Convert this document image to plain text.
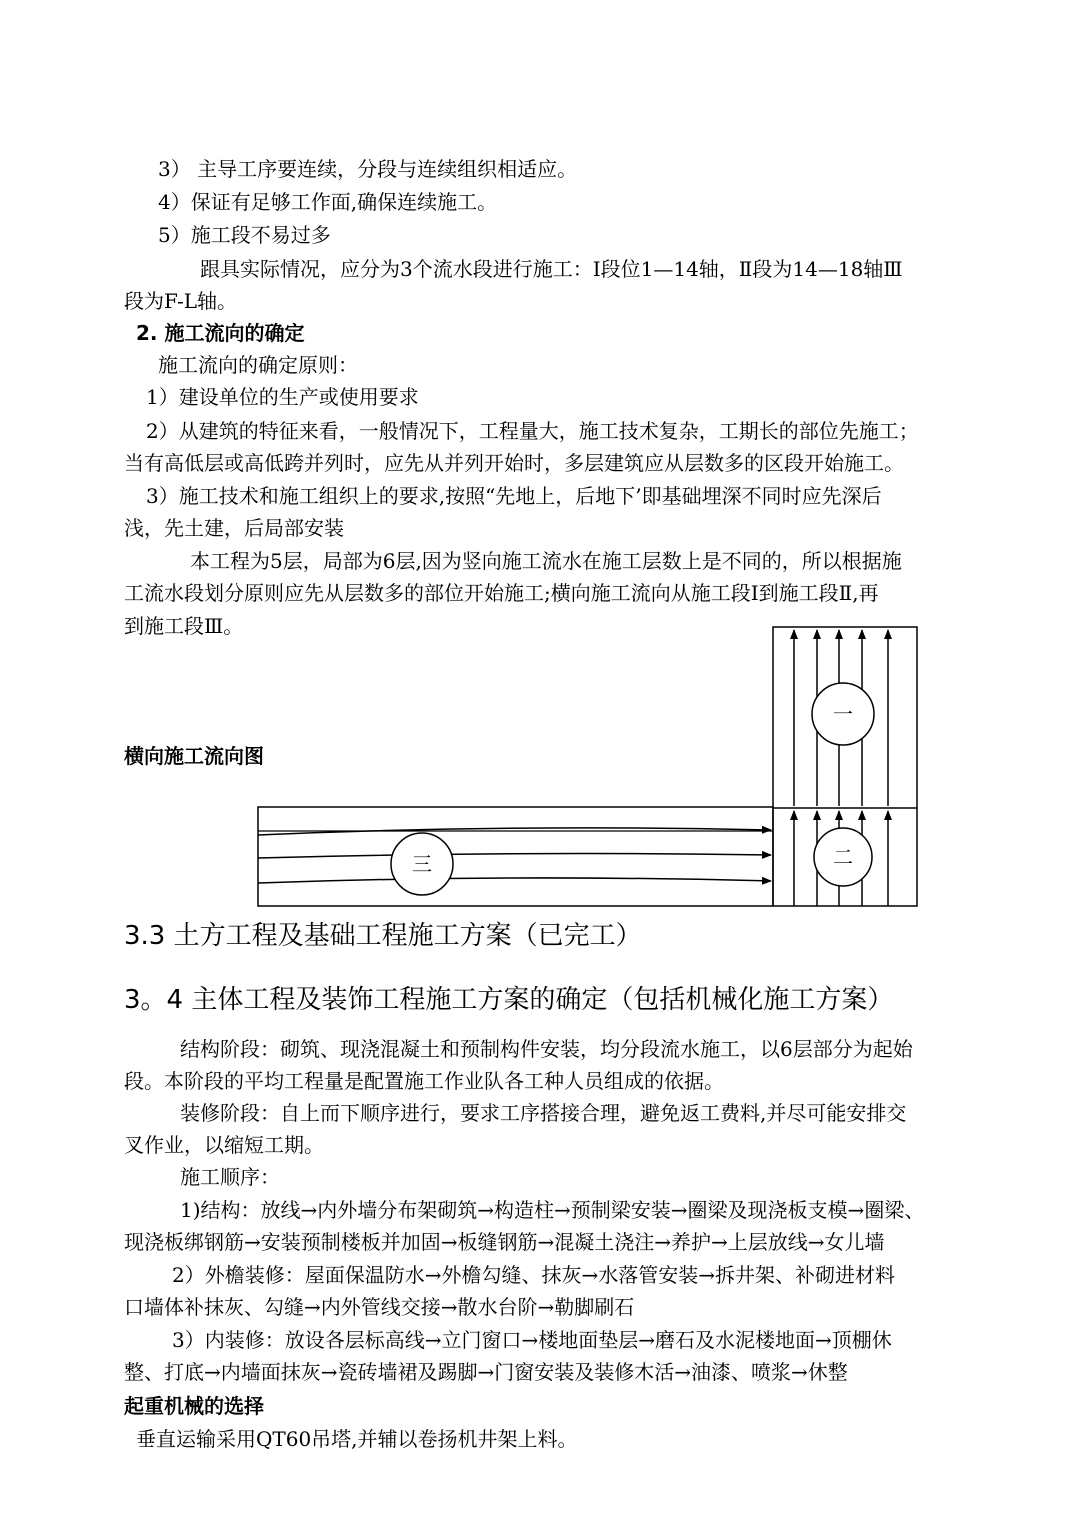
3） 主导工序要连续，分段与连续组织相适应。
4）保证有足够工作面,确保连续施工。
5）施工段不易过多
跟具实际情况，应分为3个流水段进行施工：Ⅰ段位1—14轴，Ⅱ段为14—18轴Ⅲ
段为F-L轴。
2. 施工流向的确定
施工流向的确定原则：
1）建设单位的生产或使用要求
2）从建筑的特征来看，一般情况下，工程量大，施工技术复杂，工期长的部位先施工；
当有高低层或高低跨并列时，应先从并列开始时，多层建筑应从层数多的区段开始施工。
3）施工技术和施工组织上的要求,按照“先地上，后地下’即基础埋深不同时应先深后
浅，先土建，后局部安装
本工程为5层，局部为6层,因为竖向施工流水在施工层数上是不同的，所以根据施
工流水段划分原则应先从层数多的部位开始施工;横向施工流向从施工段Ⅰ到施工段Ⅱ,再
到施工段Ⅲ。
横向施工流向图
一
二
三
3.3 土方工程及基础工程施工方案（已完工）
3。4 主体工程及装饰工程施工方案的确定（包括机械化施工方案）
结构阶段：砌筑、现浇混凝土和预制构件安装，均分段流水施工，以6层部分为起始
段。本阶段的平均工程量是配置施工作业队各工种人员组成的依据。
装修阶段：自上而下顺序进行，要求工序搭接合理，避免返工费料,并尽可能安排交
叉作业，以缩短工期。
施工顺序：
1)结构：放线→内外墙分布架砌筑→构造柱→预制梁安装→圈梁及现浇板支模→圈梁、
现浇板绑钢筋→安装预制楼板并加固→板缝钢筋→混凝土浇注→养护→上层放线→女儿墙
2）外檐装修：屋面保温防水→外檐勾缝、抹灰→水落管安装→拆井架、补砌进材料
口墙体补抹灰、勾缝→内外管线交接→散水台阶→勒脚刷石
3）内装修：放设各层标高线→立门窗口→楼地面垫层→磨石及水泥楼地面→顶棚休
整、打底→内墙面抹灰→瓷砖墙裙及踢脚→门窗安装及装修木活→油漆、喷浆→休整
起重机械的选择
垂直运输采用QT60吊塔,并辅以卷扬机井架上料。
